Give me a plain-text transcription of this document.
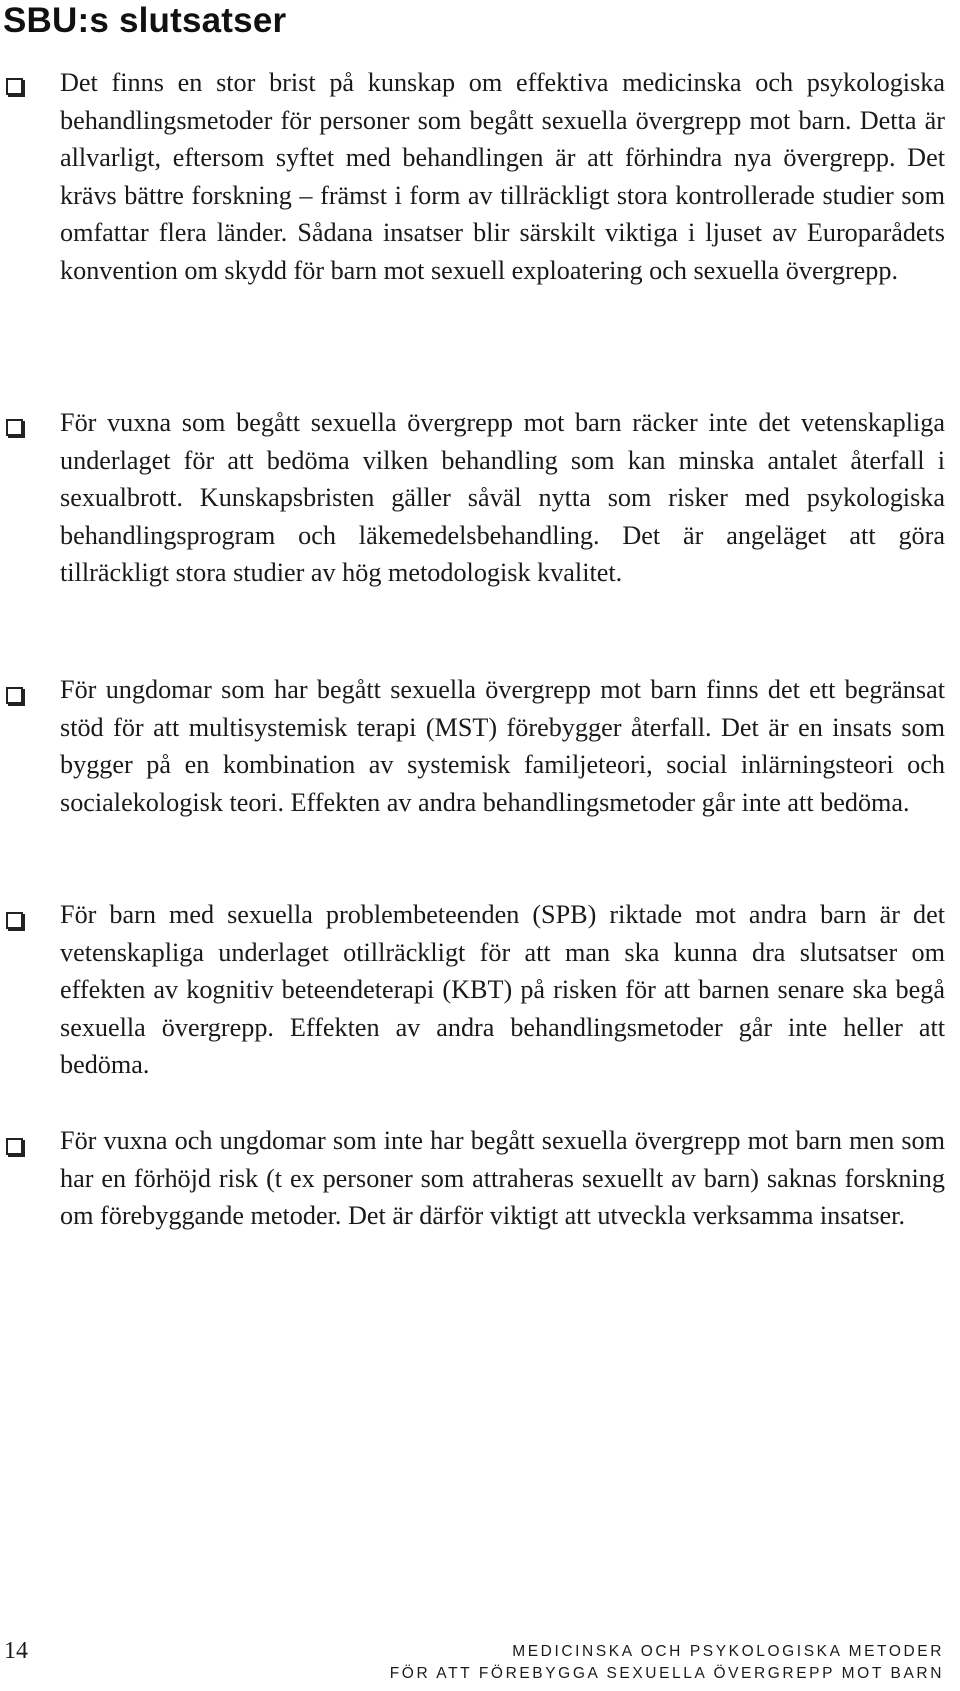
SBU:s slutsatser

Det finns en stor brist på kunskap om effektiva medicinska och psykologiska behandlingsmetoder för personer som begått sexuella övergrepp mot barn. Detta är allvarligt, eftersom syftet med behandlingen är att förhindra nya övergrepp. Det krävs bättre forskning – främst i form av tillräckligt stora kontrollerade studier som omfattar flera länder. Sådana insatser blir särskilt viktiga i ljuset av Europarådets konvention om skydd för barn mot sexuell exploatering och sexuella övergrepp.

För vuxna som begått sexuella övergrepp mot barn räcker inte det vetenskapliga underlaget för att bedöma vilken behandling som kan minska antalet återfall i sexualbrott. Kunskapsbristen gäller såväl nytta som risker med psykologiska behandlingsprogram och läkemedelsbehandling. Det är angeläget att göra tillräckligt stora studier av hög metodologisk kvalitet.

För ungdomar som har begått sexuella övergrepp mot barn finns det ett begränsat stöd för att multisystemisk terapi (MST) förebygger återfall. Det är en insats som bygger på en kombination av systemisk familjeteori, social inlärningsteori och socialekologisk teori. Effekten av andra behandlingsmetoder går inte att bedöma.

För barn med sexuella problembeteenden (SPB) riktade mot andra barn är det vetenskapliga underlaget otillräckligt för att man ska kunna dra slutsatser om effekten av kognitiv beteendeterapi (KBT) på risken för att barnen senare ska begå sexuella övergrepp. Effekten av andra behandlingsmetoder går inte heller att bedöma.

För vuxna och ungdomar som inte har begått sexuella övergrepp mot barn men som har en förhöjd risk (t ex personer som attraheras sexuellt av barn) saknas forskning om förebyggande metoder. Det är därför viktigt att utveckla verksamma insatser.

14	MEDICINSKA OCH PSYKOLOGISKA METODER
FÖR ATT FÖREBYGGA SEXUELLA ÖVERGREPP MOT BARN
